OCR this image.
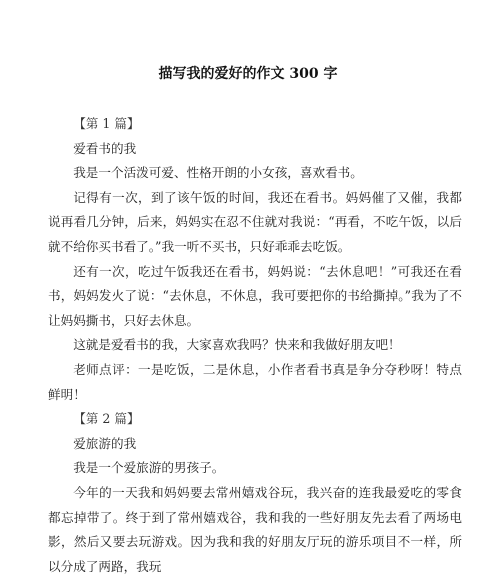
描写我的爱好的作文 300 字

【第 1 篇】

爱看书的我

我是一个活泼可爱、性格开朗的小女孩，喜欢看书。

记得有一次，到了该午饭的时间，我还在看书。妈妈催了又催，我都说再看几分钟，后来，妈妈实在忍不住就对我说：“再看，不吃午饭，以后就不给你买书看了。”我一听不买书，只好乖乖去吃饭。

还有一次，吃过午饭我还在看书，妈妈说：“去休息吧！”可我还在看书，妈妈发火了说：“去休息，不休息，我可要把你的书给撕掉。”我为了不让妈妈撕书，只好去休息。

这就是爱看书的我，大家喜欢我吗？快来和我做好朋友吧！

老师点评：一是吃饭，二是休息，小作者看书真是争分夺秒呀！特点鲜明！

【第 2 篇】

爱旅游的我

我是一个爱旅游的男孩子。

今年的一天我和妈妈要去常州嬉戏谷玩，我兴奋的连我最爱吃的零食都忘掉带了。终于到了常州嬉戏谷，我和我的一些好朋友先去看了两场电影，然后又要去玩游戏。因为我和我的好朋友厅玩的游乐项目不一样，所以分成了两路，我玩
